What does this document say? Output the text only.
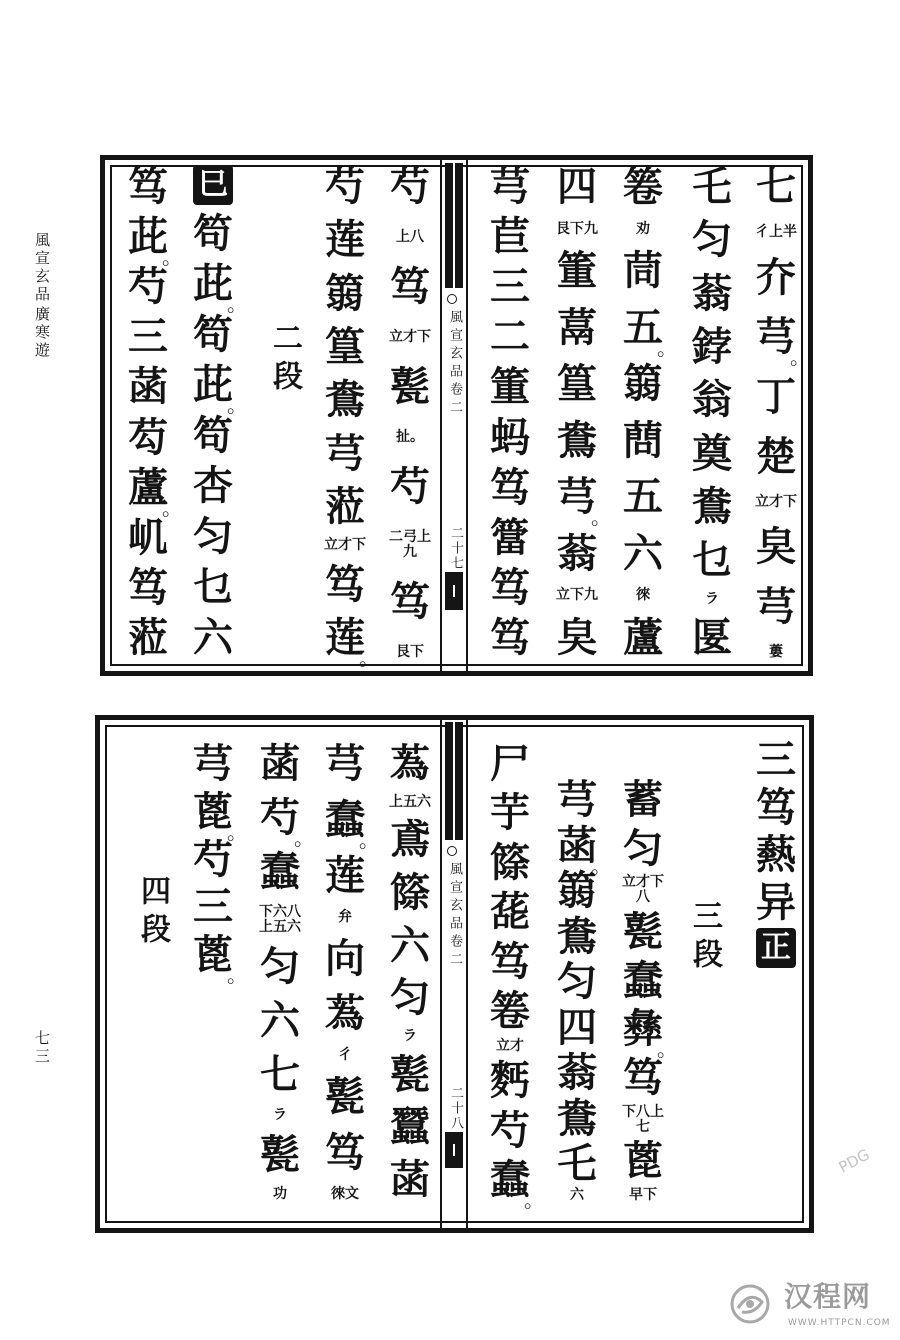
風宣玄品
廣寒遊
七三
風宣玄品卷二
二十七
七
彳上半
夰
芎
。
丁
楚
立才下
㚖
芎
蔞
乇
匀
蓊
鋍
翁
奠
鴦
乜
ラ
匽
箞
劝
茼
五
。
篛
蔄
五
六
徠
蘆
四
艮下九
箽
蒚
篁
鴦
芎
。
蓊
立下九
㚖
芎
苣
三
二
箽
蚂
笃
簹
笃
笃
芍
上八
笃
立才下
甏
扯。
芍
二弓上九
笃
艮下
芍
莲
篛
篁
鴦
芎
蒞
立才下
笃
莲
。
二段
巳
笱
茈
。
笱
茈
。
笱
杏
匀
乜
六
笃
茈
。
芍
三
菡
芶
蘆
。
㞦
笃
蒞
風宣玄品卷二
二十八
三
笃
爇
异
正
三段
蓄
匀
立才下八
甏
蠢
彝
。
笃
下八上七
蓖
早下
芎
菡
。
篛
鴦
匀
四
蓊
鴦
乇
六
尸
芋
篨
蒊
笃
箞
立才
麫
芍
蠢
。
蒍
上五六
鳶
篨
六
匀
ラ
甏
蠶
菡
芎
蠢
。
莲
弁
向
蒍
彳
甏
笃
徠文
菡
芍
。
蠢
下六八上五六
匀
六
七
ラ
甏
功
芎
蓖
。
芍
三
蓖
。
四段
PDG
汉程网
WWW.HTTPCN.COM
